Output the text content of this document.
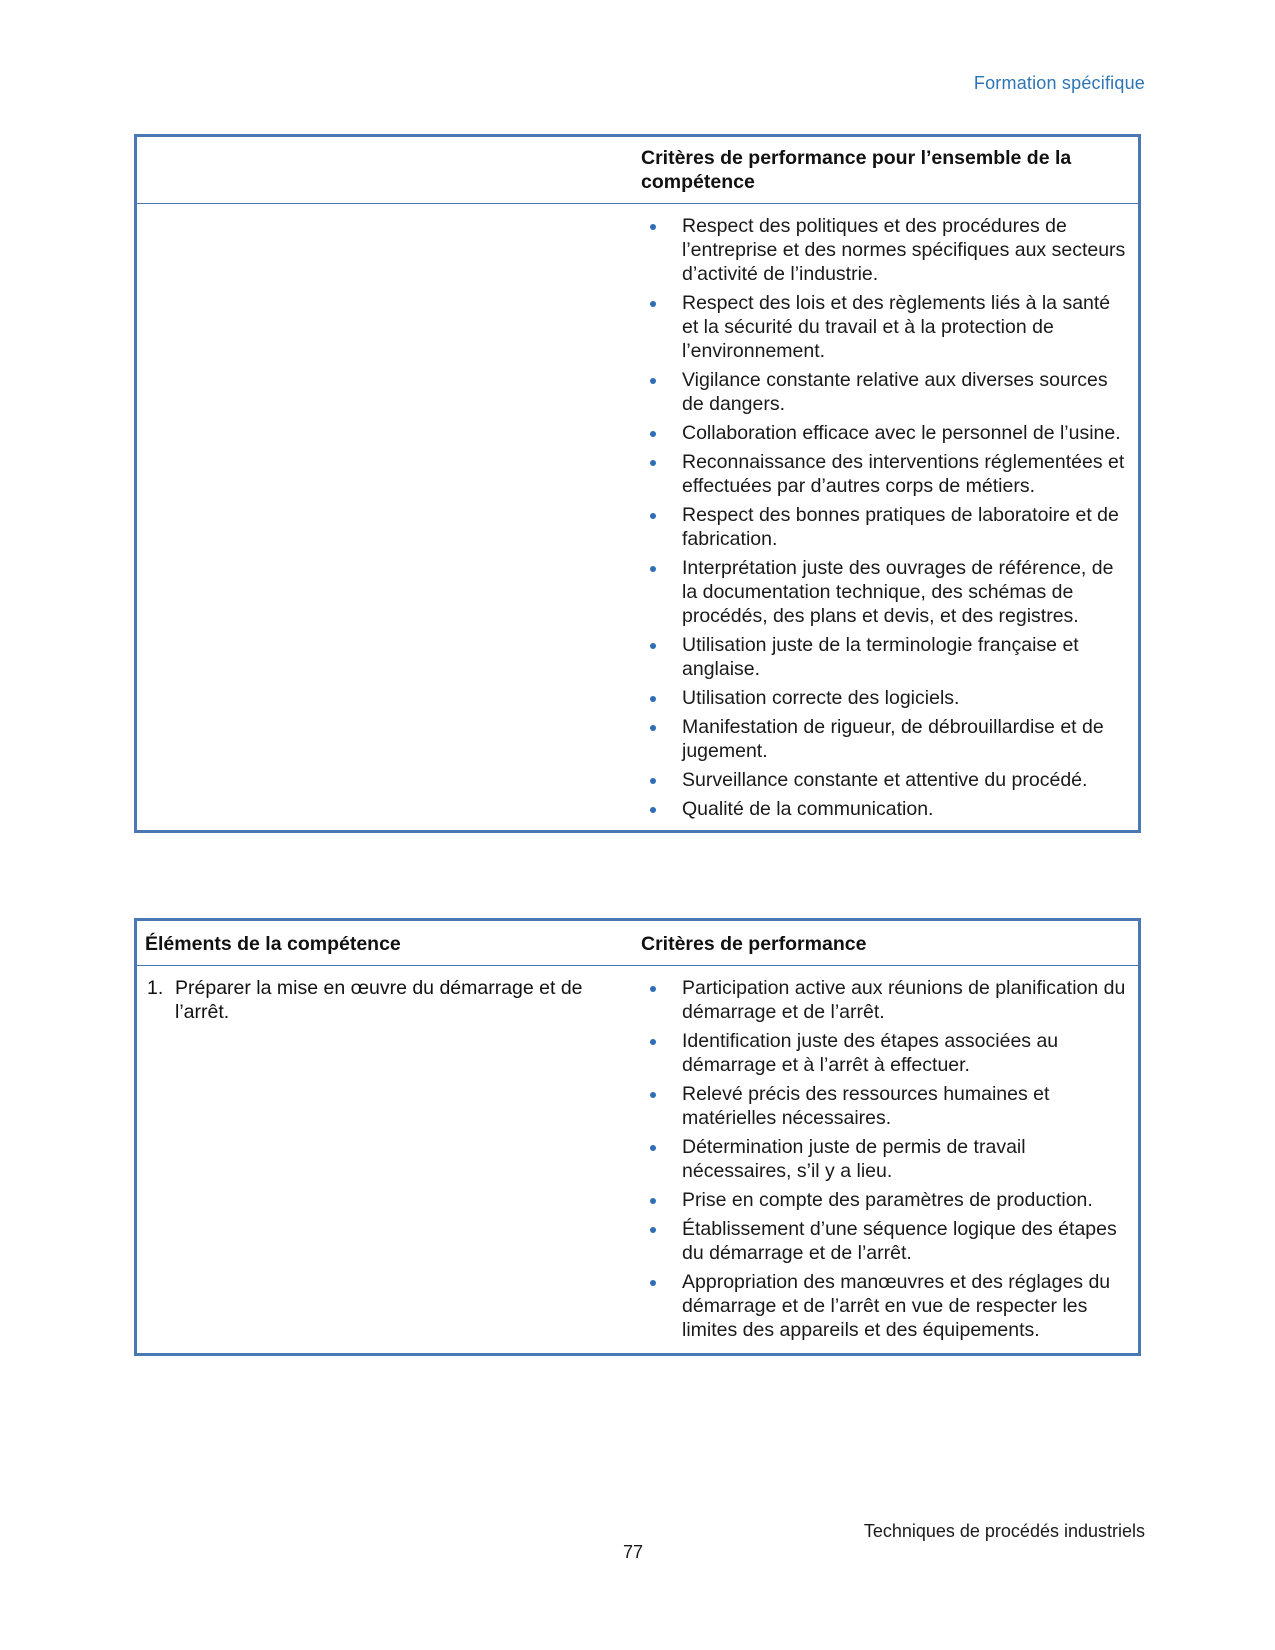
Formation spécifique
Critères de performance pour l’ensemble de la compétence
Respect des politiques et des procédures de l’entreprise et des normes spécifiques aux secteurs d’activité de l’industrie.
Respect des lois et des règlements liés à la santé et la sécurité du travail et à la protection de l’environnement.
Vigilance constante relative aux diverses sources de dangers.
Collaboration efficace avec le personnel de l’usine.
Reconnaissance des interventions réglementées et effectuées par d’autres corps de métiers.
Respect des bonnes pratiques de laboratoire et de fabrication.
Interprétation juste des ouvrages de référence, de la documentation technique, des schémas de procédés, des plans et devis, et des registres.
Utilisation juste de la terminologie française et anglaise.
Utilisation correcte des logiciels.
Manifestation de rigueur, de débrouillardise et de jugement.
Surveillance constante et attentive du procédé.
Qualité de la communication.
Éléments de la compétence	Critères de performance
1. Préparer la mise en œuvre du démarrage et de l’arrêt.
Participation active aux réunions de planification du démarrage et de l’arrêt.
Identification juste des étapes associées au démarrage et à l’arrêt à effectuer.
Relevé précis des ressources humaines et matérielles nécessaires.
Détermination juste de permis de travail nécessaires, s’il y a lieu.
Prise en compte des paramètres de production.
Établissement d’une séquence logique des étapes du démarrage et de l’arrêt.
Appropriation des manœuvres et des réglages du démarrage et de l’arrêt en vue de respecter les limites des appareils et des équipements.
Techniques de procédés industriels
77
